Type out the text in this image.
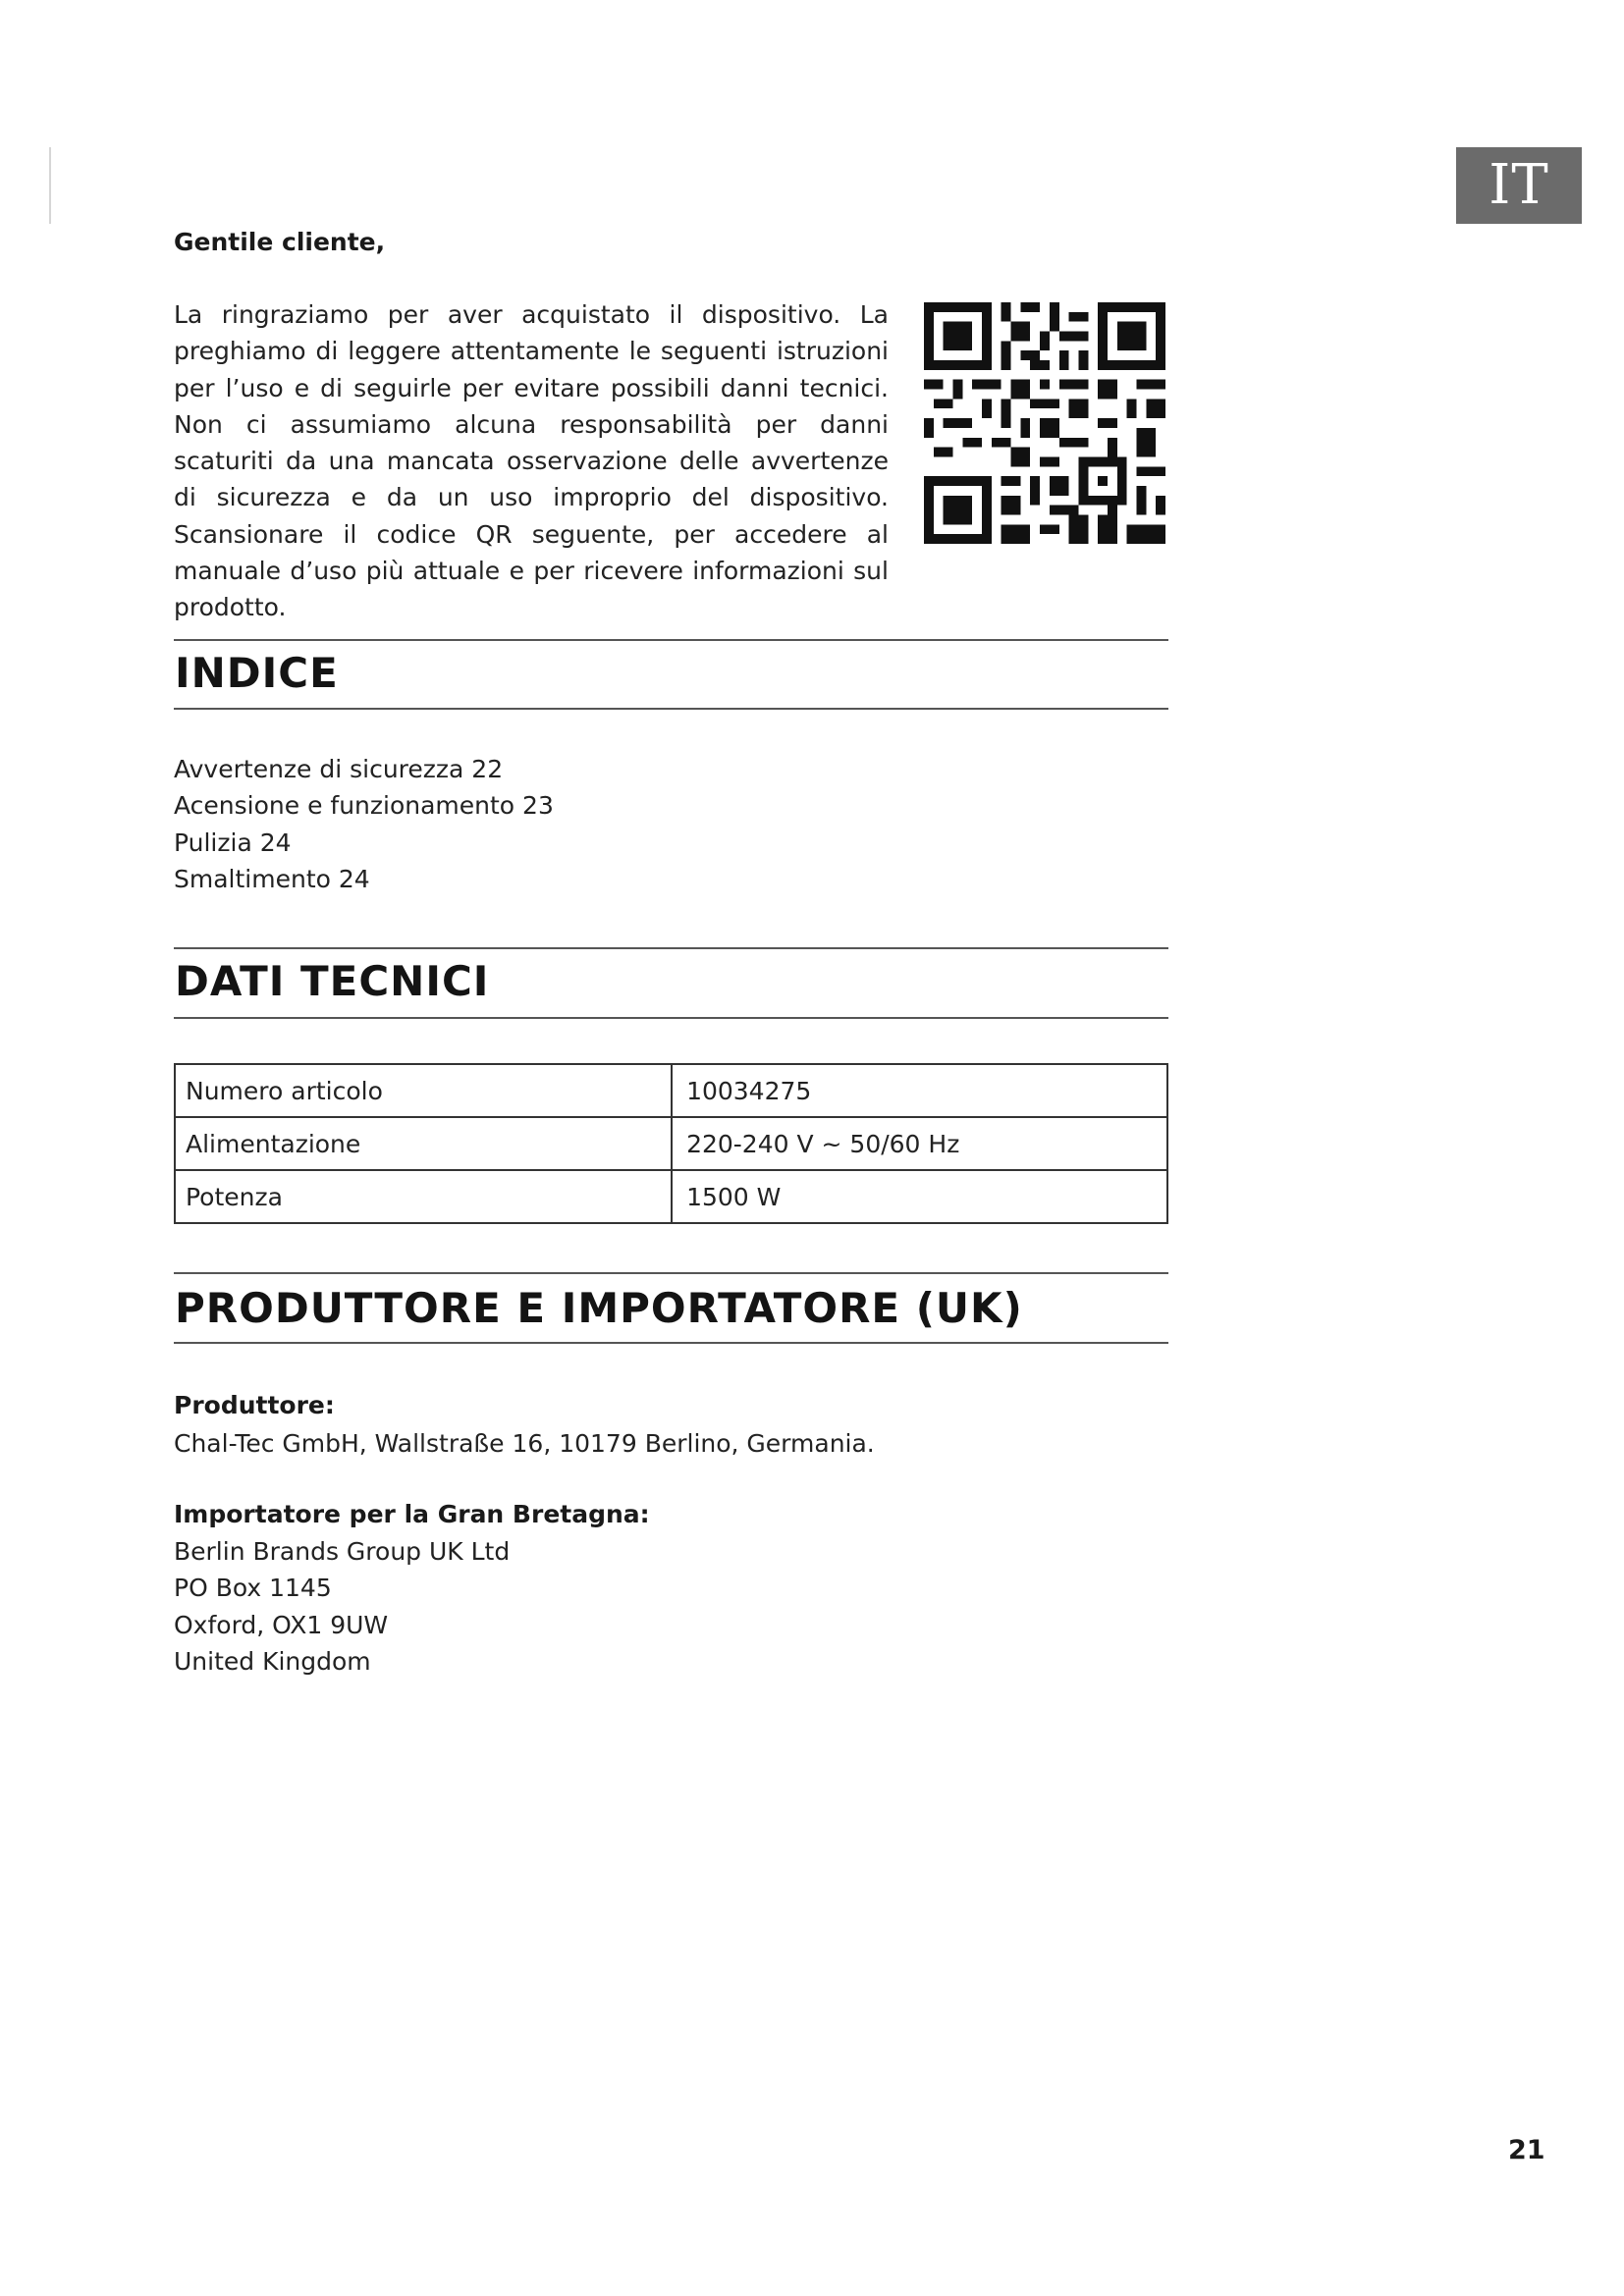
IT
Gentile cliente,

La ringraziamo per aver acquistato il dispositivo. La preghiamo di leggere attentamente le seguenti istruzioni per l’uso e di seguirle per evitare possibili danni tecnici. Non ci assumiamo alcuna responsabilità per danni scaturiti da una mancata osservazione delle avvertenze di sicurezza e da un uso improprio del dispositivo. Scansionare il codice QR seguente, per accedere al manuale d’uso più attuale e per ricevere informazioni sul prodotto.

INDICE
Avvertenze di sicurezza 22
Acensione e funzionamento 23
Pulizia 24
Smaltimento 24
DATI TECNICI
Numero articolo	10034275
Alimentazione	220-240 V ~ 50/60 Hz
Potenza	1500 W
PRODUTTORE E IMPORTATORE (UK)
Produttore:

Chal-Tec GmbH, Wallstraße 16, 10179 Berlino, Germania.

Importatore per la Gran Bretagna:
Berlin Brands Group UK Ltd
PO Box 1145
Oxford, OX1 9UW
United Kingdom
21
